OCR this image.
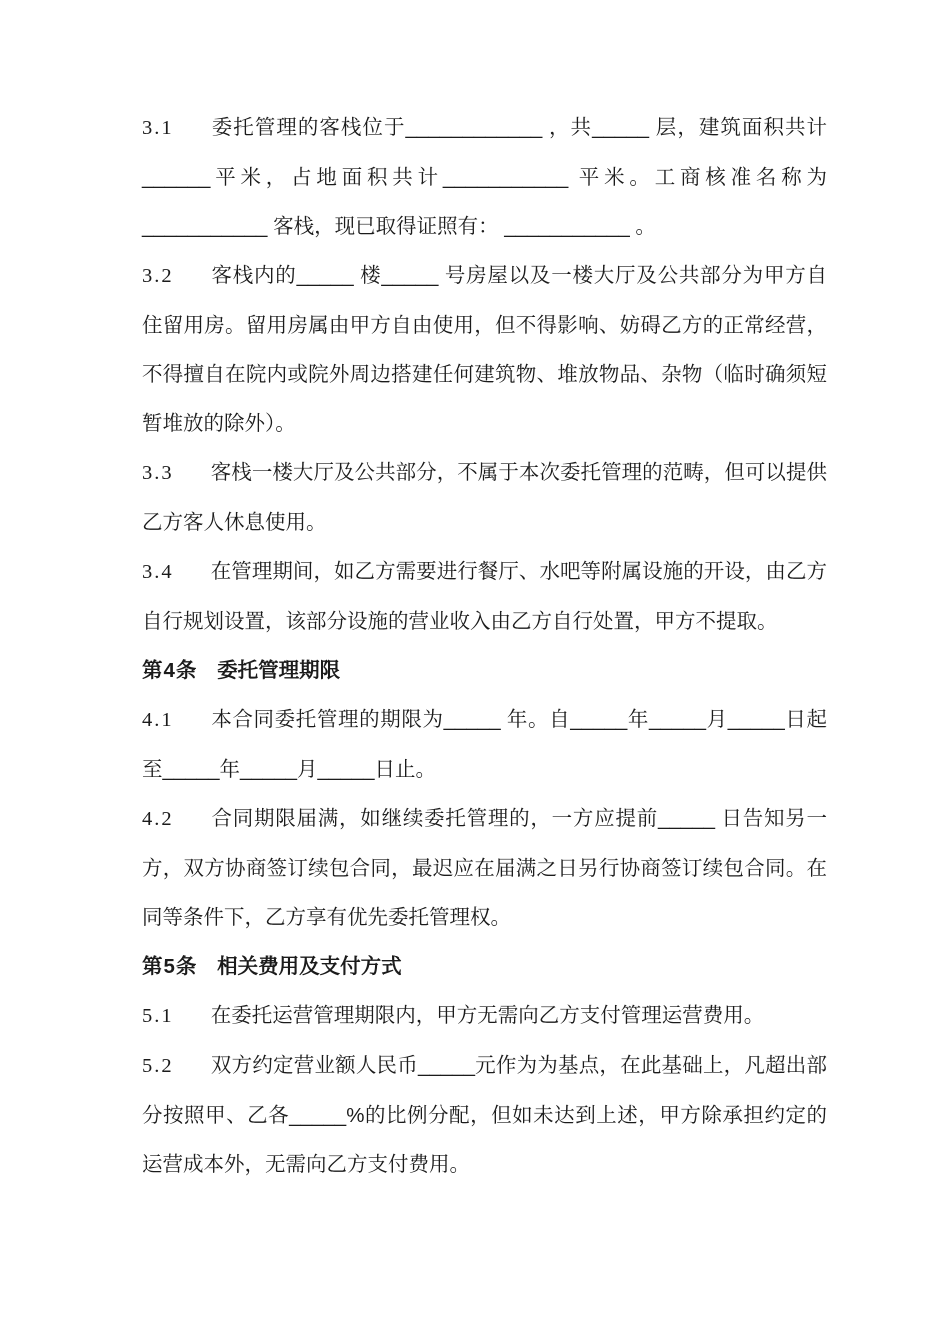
3.1 委托管理的客栈位于____________ ，共_____ 层，建筑面积共计______平米，占地面积共计___________ 平米。工商核准名称为___________ 客栈，现已取得证照有： ___________ 。

3.2 客栈内的_____ 楼_____ 号房屋以及一楼大厅及公共部分为甲方自住留用房。留用房属由甲方自由使用，但不得影响、妨碍乙方的正常经营，不得擅自在院内或院外周边搭建任何建筑物、堆放物品、杂物（临时确须短暂堆放的除外）。

3.3 客栈一楼大厅及公共部分，不属于本次委托管理的范畴，但可以提供乙方客人休息使用。

3.4 在管理期间，如乙方需要进行餐厅、水吧等附属设施的开设，由乙方自行规划设置，该部分设施的营业收入由乙方自行处置，甲方不提取。

第4条 委托管理期限

4.1 本合同委托管理的期限为_____ 年。自_____年_____月_____日起至_____年_____月_____日止。

4.2 合同期限届满，如继续委托管理的，一方应提前_____ 日告知另一方，双方协商签订续包合同，最迟应在届满之日另行协商签订续包合同。在同等条件下，乙方享有优先委托管理权。

第5条 相关费用及支付方式

5.1 在委托运营管理期限内，甲方无需向乙方支付管理运营费用。

5.2 双方约定营业额人民币_____元作为为基点，在此基础上，凡超出部分按照甲、乙各_____%的比例分配，但如未达到上述，甲方除承担约定的运营成本外，无需向乙方支付费用。
